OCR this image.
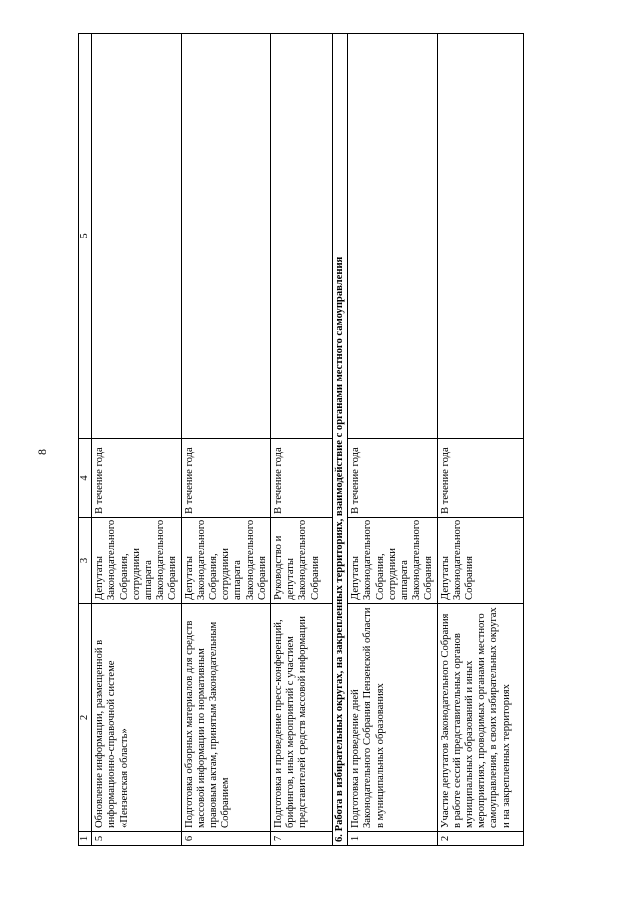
8
1	2	3	4	5
5	Обновление информации, размещенной в информационно-справочной системе «Пензенская область»	Депутаты Законодательного Собрания, сотрудники аппарата Законодательного Собрания	В течение года	
6	Подготовка обзорных материалов для средств массовой информации по нормативным правовым актам, принятым Законодательным Собранием	Депутаты Законодательного Собрания, сотрудники аппарата Законодательного Собрания	В течение года	
7	Подготовка и проведение пресс-конференций, брифингов, иных мероприятий с участием представителей средств массовой информации	Руководство и депутаты Законодательного Собрания	В течение года	
6. Работа в избирательных округах, на закрепленных территориях, взаимодействие с органами местного самоуправления				
1	Подготовка и проведение дней Законодательного Собрания Пензенской области в муниципальных образованиях	Депутаты Законодательного Собрания, сотрудники аппарата Законодательного Собрания	В течение года	
2	Участие депутатов Законодательного Собрания в работе сессий представительных органов муниципальных образований и иных мероприятиях, проводимых органами местного самоуправления, в своих избирательных округах и на закрепленных территориях	Депутаты Законодательного Собрания	В течение года	
